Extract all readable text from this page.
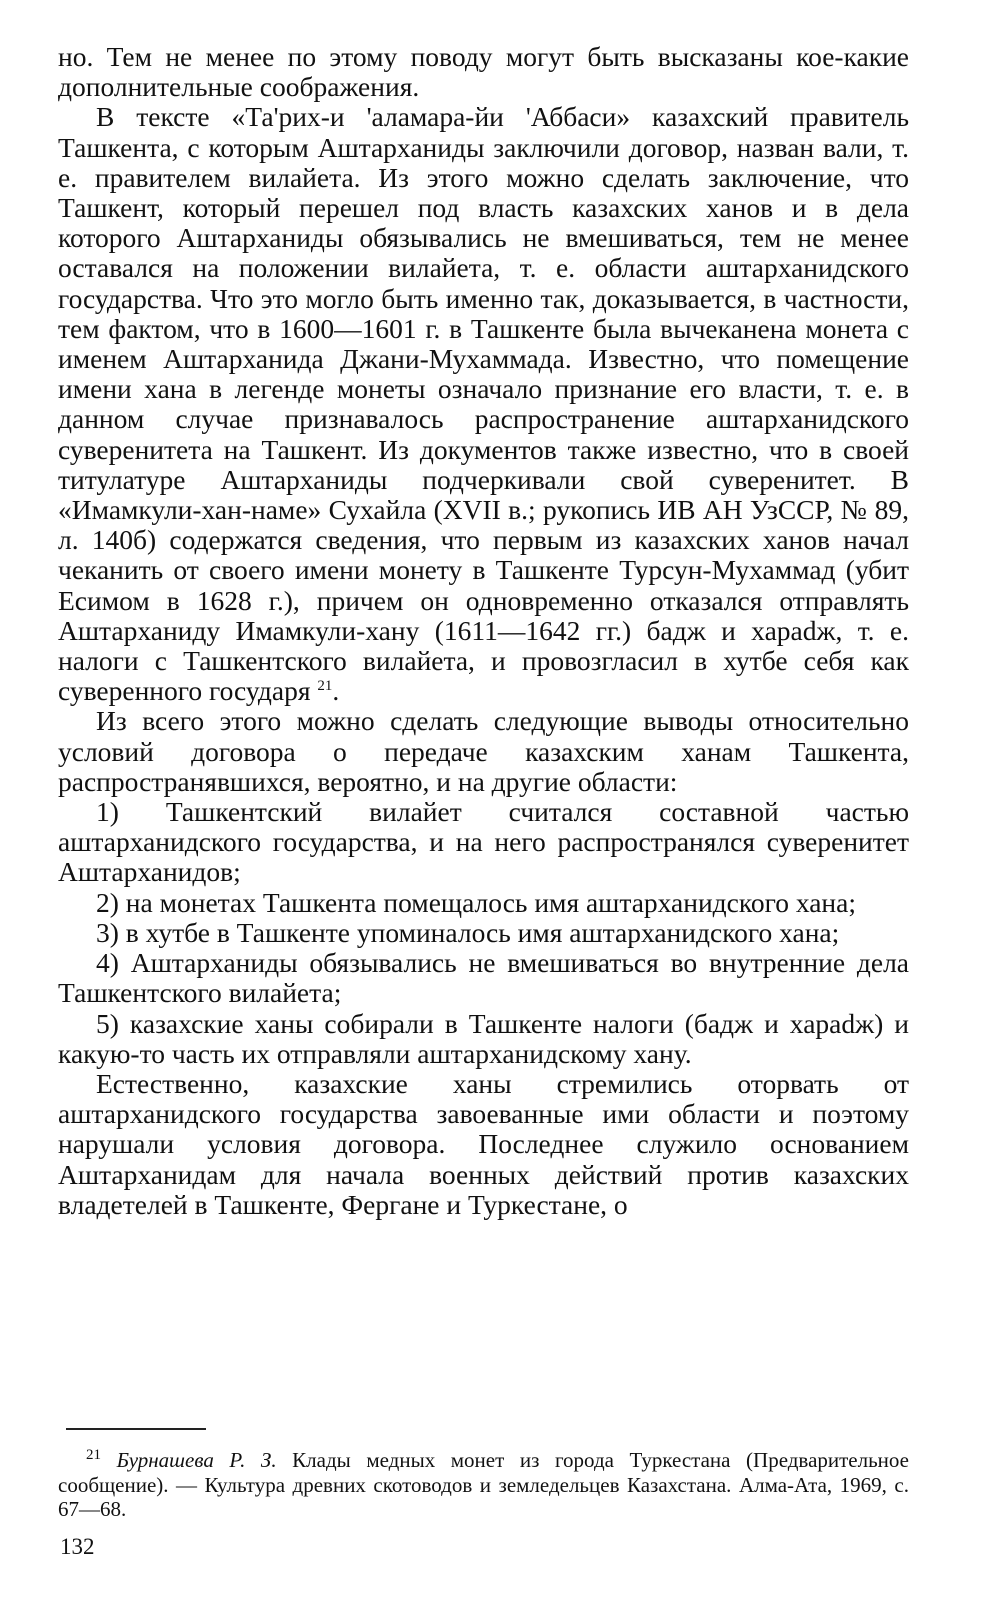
но. Тем не менее по этому поводу могут быть высказаны кое-какие дополнительные соображения.

В тексте «Та'рих-и 'аламара-йи 'Аббаси» казахский правитель Ташкента, с которым Аштарханиды заключили договор, назван вали, т. е. правителем вилайета. Из этого можно сделать заключение, что Ташкент, который перешел под власть казахских ханов и в дела которого Аштарханиды обязывались не вмешиваться, тем не менее оставался на положении вилайета, т. е. области аштарханидского государства. Что это могло быть именно так, доказывается, в частности, тем фактом, что в 1600—1601 г. в Ташкенте была вычеканена монета с именем Аштарханида Джани-Мухаммада. Известно, что помещение имени хана в легенде монеты означало признание его власти, т. е. в данном случае признавалось распространение аштарханидского суверенитета на Ташкент. Из документов также известно, что в своей титулатуре Аштарханиды подчеркивали свой суверенитет. В «Имамкули-хан-наме» Сухайла (XVII в.; рукопись ИВ АН УзССР, № 89, л. 140б) содержатся сведения, что первым из казахских ханов начал чеканить от своего имени монету в Ташкенте Турсун-Мухаммад (убит Есимом в 1628 г.), причем он одновременно отказался отправлять Аштарханиду Имамкули-хану (1611—1642 гг.) бадж и хараdж, т. е. налоги с Ташкентского вилайета, и провозгласил в хутбе себя как суверенного государя $^{21}$.

Из всего этого можно сделать следующие выводы относительно условий договора о передаче казахским ханам Ташкента, распространявшихся, вероятно, и на другие области:

1) Ташкентский вилайет считался составной частью аштарханидского государства, и на него распространялся суверенитет Аштарханидов;

2) на монетах Ташкента помещалось имя аштарханидского хана;

3) в хутбе в Ташкенте упоминалось имя аштарханидского хана;

4) Аштарханиды обязывались не вмешиваться во внутренние дела Ташкентского вилайета;

5) казахские ханы собирали в Ташкенте налоги (бадж и хараdж) и какую-то часть их отправляли аштарханидскому хану.

Естественно, казахские ханы стремились оторвать от аштарханидского государства завоеванные ими области и поэтому нарушали условия договора. Последнее служило основанием Аштарханидам для начала военных действий против казахских владетелей в Ташкенте, Фергане и Туркестане, о

$^{21}$ Бурнашева Р. З. Клады медных монет из города Туркестана (Предварительное сообщение). — Культура древних скотоводов и земледельцев Казахстана. Алма-Ата, 1969, с. 67—68.

132
